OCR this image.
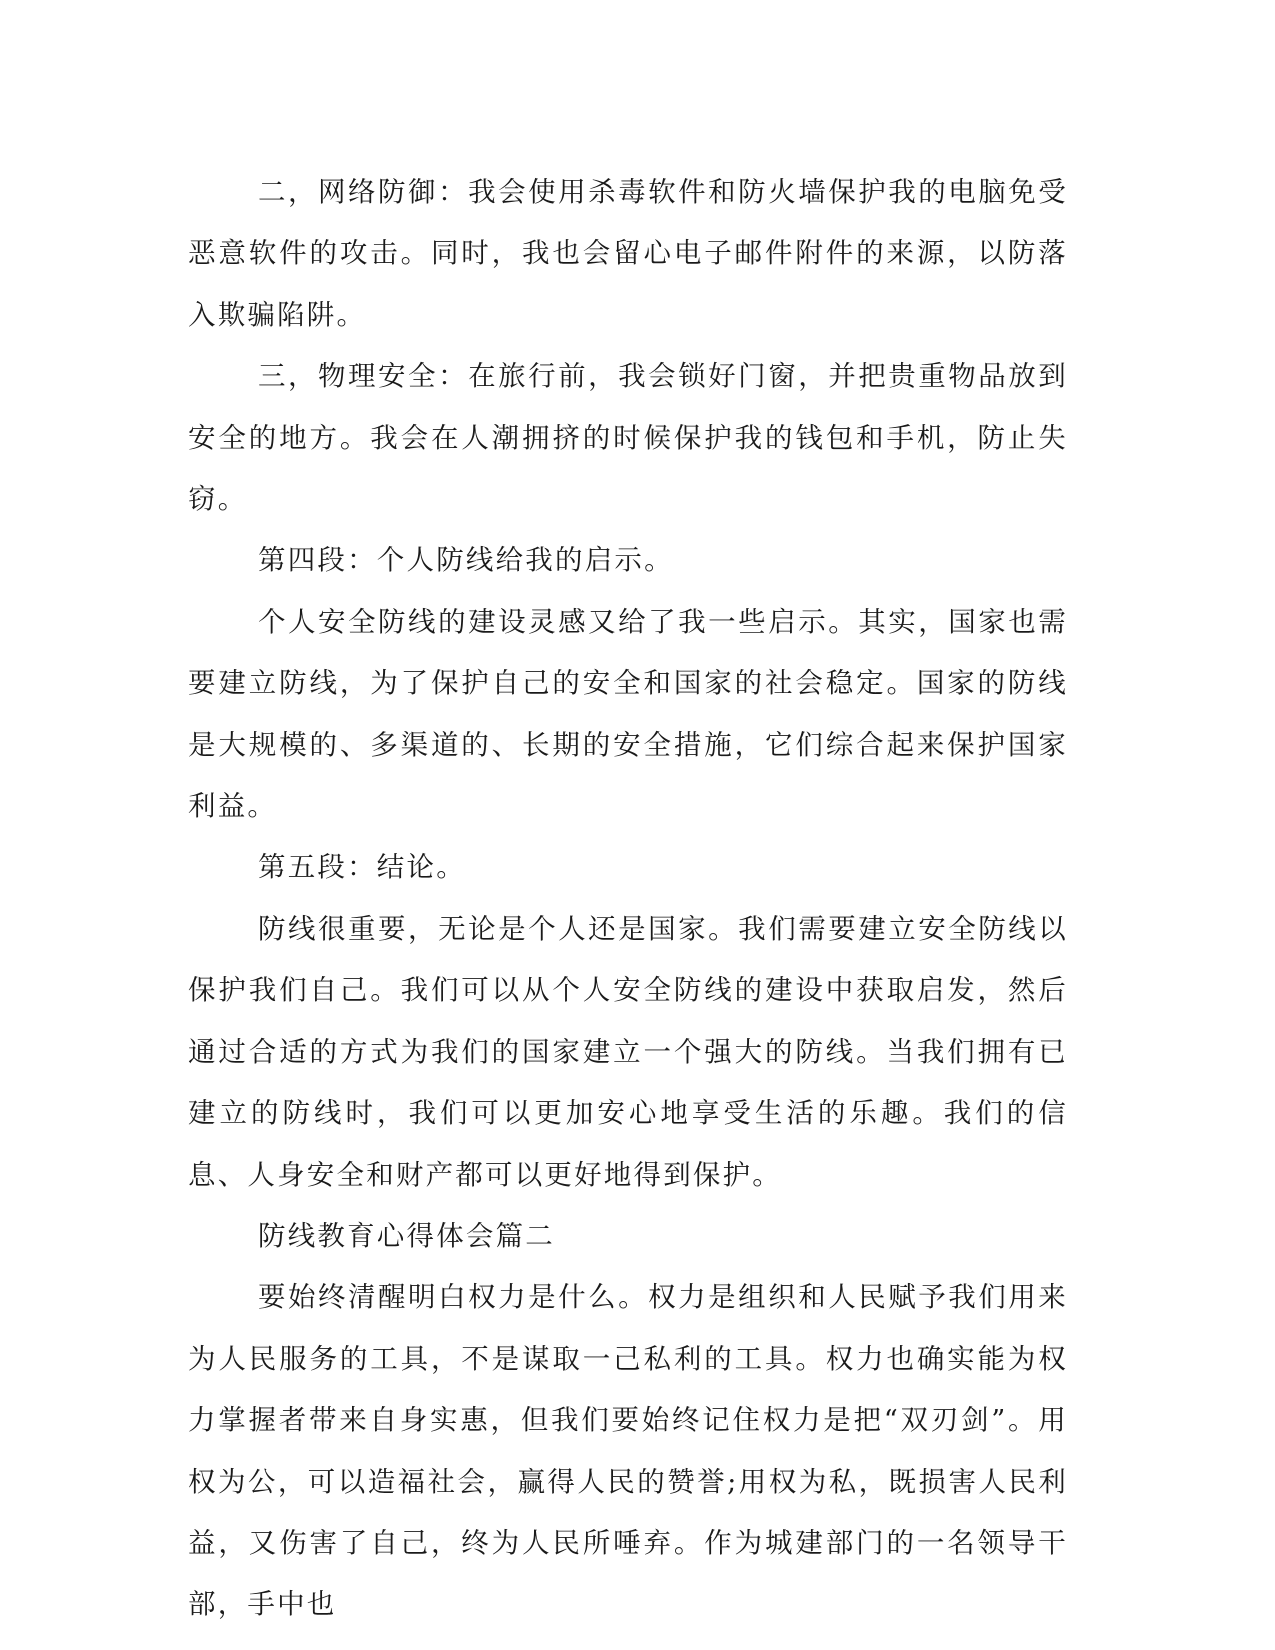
二，网络防御：我会使用杀毒软件和防火墙保护我的电脑免受恶意软件的攻击。同时，我也会留心电子邮件附件的来源，以防落入欺骗陷阱。

三，物理安全：在旅行前，我会锁好门窗，并把贵重物品放到安全的地方。我会在人潮拥挤的时候保护我的钱包和手机，防止失窃。

第四段：个人防线给我的启示。

个人安全防线的建设灵感又给了我一些启示。其实，国家也需要建立防线，为了保护自己的安全和国家的社会稳定。国家的防线是大规模的、多渠道的、长期的安全措施，它们综合起来保护国家利益。

第五段：结论。

防线很重要，无论是个人还是国家。我们需要建立安全防线以保护我们自己。我们可以从个人安全防线的建设中获取启发，然后通过合适的方式为我们的国家建立一个强大的防线。当我们拥有已建立的防线时，我们可以更加安心地享受生活的乐趣。我们的信息、人身安全和财产都可以更好地得到保护。

防线教育心得体会篇二

要始终清醒明白权力是什么。权力是组织和人民赋予我们用来为人民服务的工具，不是谋取一己私利的工具。权力也确实能为权力掌握者带来自身实惠，但我们要始终记住权力是把“双刃剑”。用权为公，可以造福社会，赢得人民的赞誉;用权为私，既损害人民利益，又伤害了自己，终为人民所唾弃。作为城建部门的一名领导干部，手中也
